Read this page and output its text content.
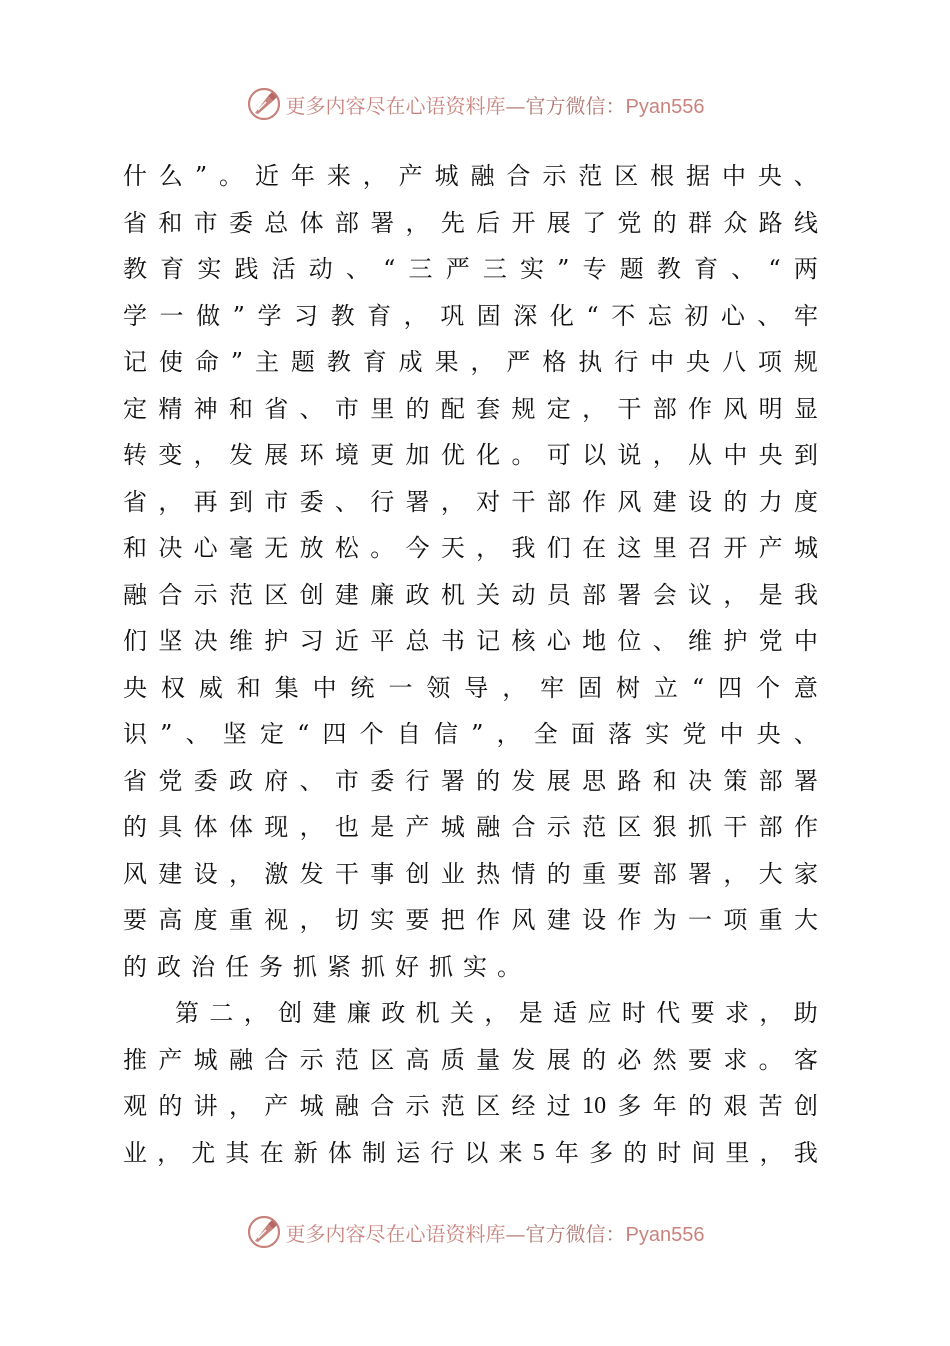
更多内容尽在心语资料库—官方微信：Pyan556
什 么 ” 。 近 年 来 ， 产 城 融 合 示 范 区 根 据 中 央 、
省 和 市 委 总 体 部 署 ， 先 后 开 展 了 党 的 群 众 路 线
教 育 实 践 活 动 、 “ 三 严 三 实 ” 专 题 教 育 、 “ 两
学 一 做 ” 学 习 教 育 ， 巩 固 深 化 “ 不 忘 初 心 、 牢
记 使 命 ” 主 题 教 育 成 果 ， 严 格 执 行 中 央 八 项 规
定 精 神 和 省 、 市 里 的 配 套 规 定 ， 干 部 作 风 明 显
转 变 ， 发 展 环 境 更 加 优 化 。 可 以 说 ， 从 中 央 到
省 ， 再 到 市 委 、 行 署 ， 对 干 部 作 风 建 设 的 力 度
和 决 心 毫 无 放 松 。 今 天 ， 我 们 在 这 里 召 开 产 城
融 合 示 范 区 创 建 廉 政 机 关 动 员 部 署 会 议 ， 是 我
们 坚 决 维 护 习 近 平 总 书 记 核 心 地 位 、 维 护 党 中
央 权 威 和 集 中 统 一 领 导 ， 牢 固 树 立 “ 四 个 意
识 ” 、 坚 定 “ 四 个 自 信 ” ， 全 面 落 实 党 中 央 、
省 党 委 政 府 、 市 委 行 署 的 发 展 思 路 和 决 策 部 署
的 具 体 体 现 ， 也 是 产 城 融 合 示 范 区 狠 抓 干 部 作
风 建 设 ， 激 发 干 事 创 业 热 情 的 重 要 部 署 ， 大 家
要 高 度 重 视 ， 切 实 要 把 作 风 建 设 作 为 一 项 重 大
的 政 治 任 务 抓 紧 抓 好 抓 实 。
第 二 ， 创 建 廉 政 机 关 ， 是 适 应 时 代 要 求 ， 助
推 产 城 融 合 示 范 区 高 质 量 发 展 的 必 然 要 求 。 客
观 的 讲 ， 产 城 融 合 示 范 区 经 过 10 多 年 的 艰 苦 创
业 ， 尤 其 在 新 体 制 运 行 以 来 5 年 多 的 时 间 里 ， 我
更多内容尽在心语资料库—官方微信：Pyan556
